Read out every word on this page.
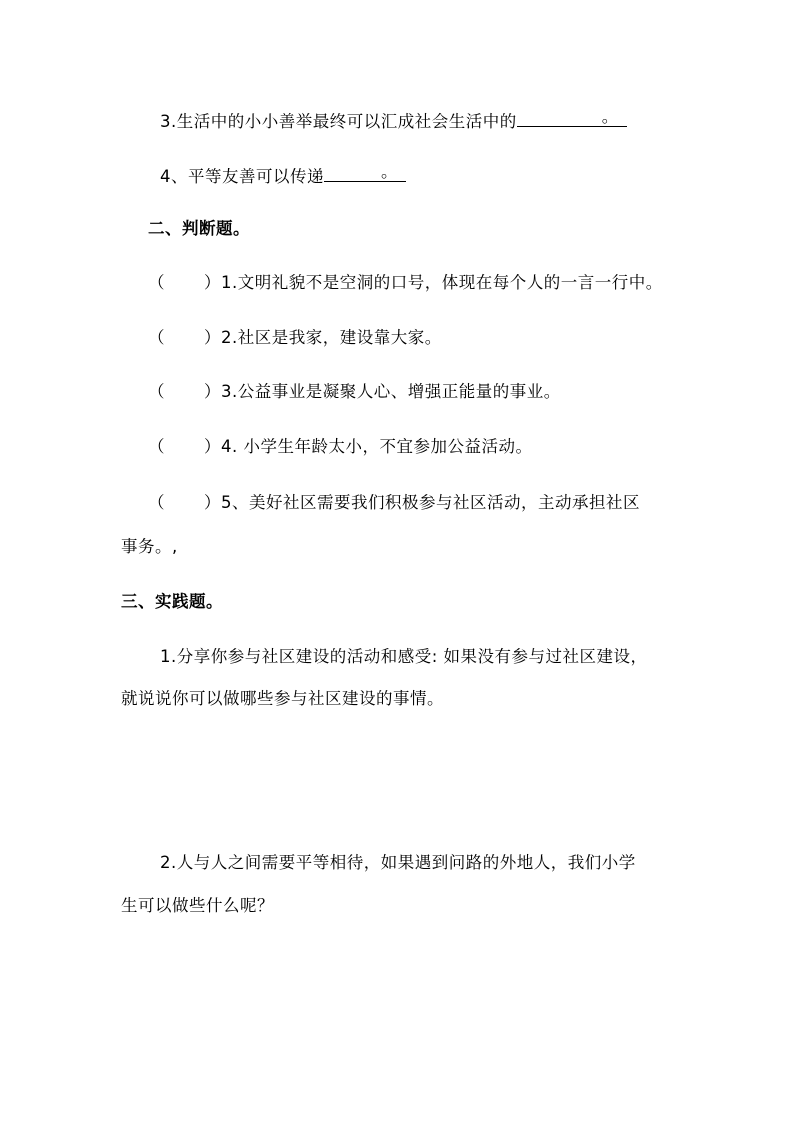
3.生活中的小小善举最终可以汇成社会生活中的	。
4、平等友善可以传递	。
二、判断题。
（ ）1.文明礼貌不是空洞的口号，体现在每个人的一言一行中。
（ ）2.社区是我家，建设靠大家。
（ ）3.公益事业是凝聚人心、增强正能量的事业。
（ ）4. 小学生年龄太小，不宜参加公益活动。
（ ）5、美好社区需要我们积极参与社区活动，主动承担社区
事务。,
三、实践题。
1.分享你参与社区建设的活动和感受: 如果没有参与过社区建设，
就说说你可以做哪些参与社区建设的事情。
2.人与人之间需要平等相待，如果遇到问路的外地人，我们小学
生可以做些什么呢？
